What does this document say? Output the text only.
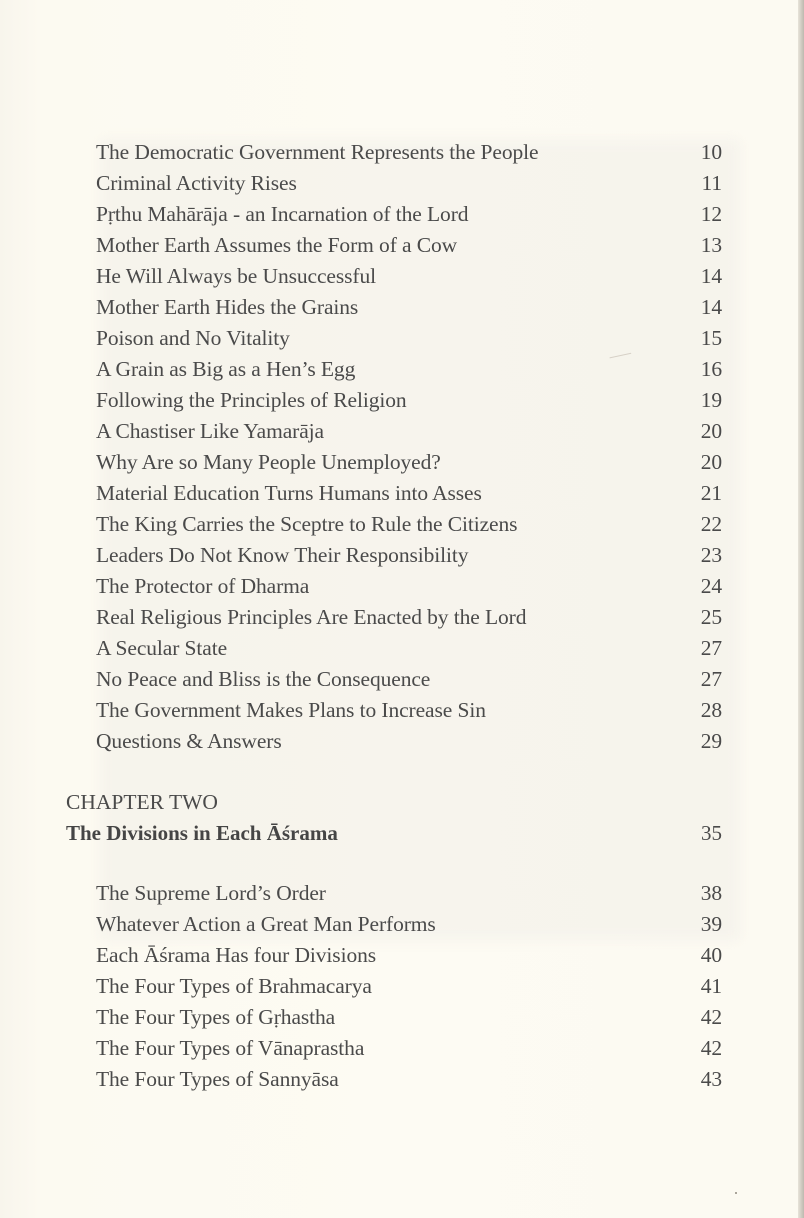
The Democratic Government Represents the People	10
Criminal Activity Rises	11
Pṛthu Mahārāja - an Incarnation of the Lord	12
Mother Earth Assumes the Form of a Cow	13
He Will Always be Unsuccessful	14
Mother Earth Hides the Grains	14
Poison and No Vitality	15
A Grain as Big as a Hen’s Egg	16
Following the Principles of Religion	19
A Chastiser Like Yamarāja	20
Why Are so Many People Unemployed?	20
Material Education Turns Humans into Asses	21
The King Carries the Sceptre to Rule the Citizens	22
Leaders Do Not Know Their Responsibility	23
The Protector of Dharma	24
Real Religious Principles Are Enacted by the Lord	25
A Secular State	27
No Peace and Bliss is the Consequence	27
The Government Makes Plans to Increase Sin	28
Questions & Answers	29
CHAPTER TWO
The Divisions in Each Āśrama	35
The Supreme Lord’s Order	38
Whatever Action a Great Man Performs	39
Each Āśrama Has four Divisions	40
The Four Types of Brahmacarya	41
The Four Types of Gṛhastha	42
The Four Types of Vānaprastha	42
The Four Types of Sannyāsa	43
